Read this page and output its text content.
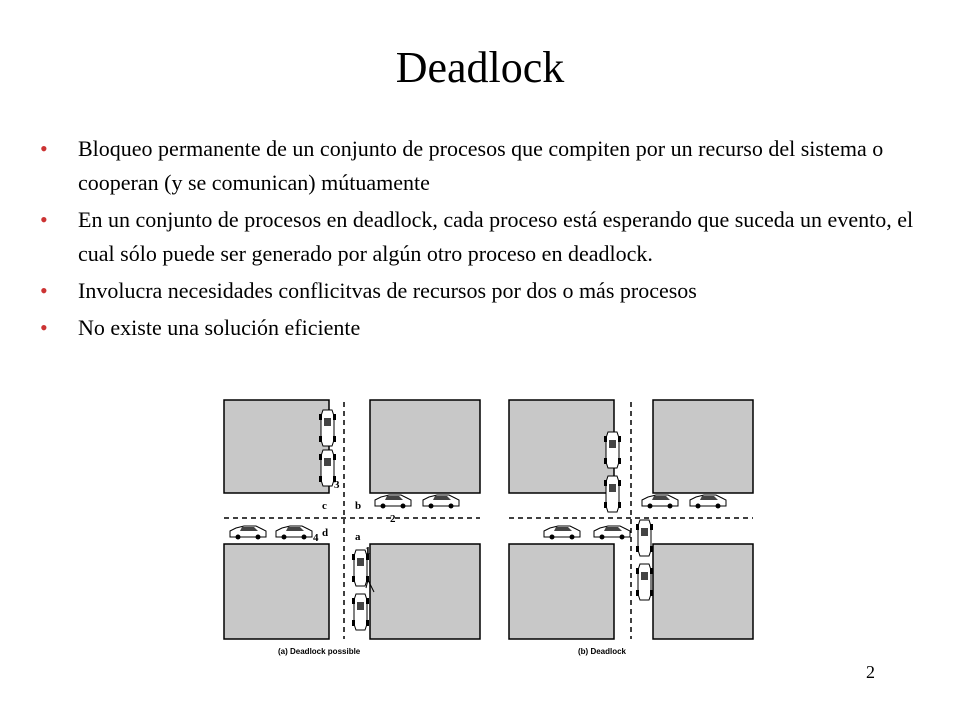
Deadlock
• Bloqueo permanente de un conjunto de procesos que compiten por un recurso del sistema o cooperan (y se comunican) mútuamente
• En un conjunto de procesos en deadlock, cada proceso está esperando que suceda un evento, el cual sólo puede ser generado por algún otro proceso en deadlock.
• Involucra necesidades conflicitvas de recursos por dos o más procesos
• No existe una solución eficiente
a
b
c
d
1
2
3
4
(a) Deadlock possible	(b) Deadlock
2
